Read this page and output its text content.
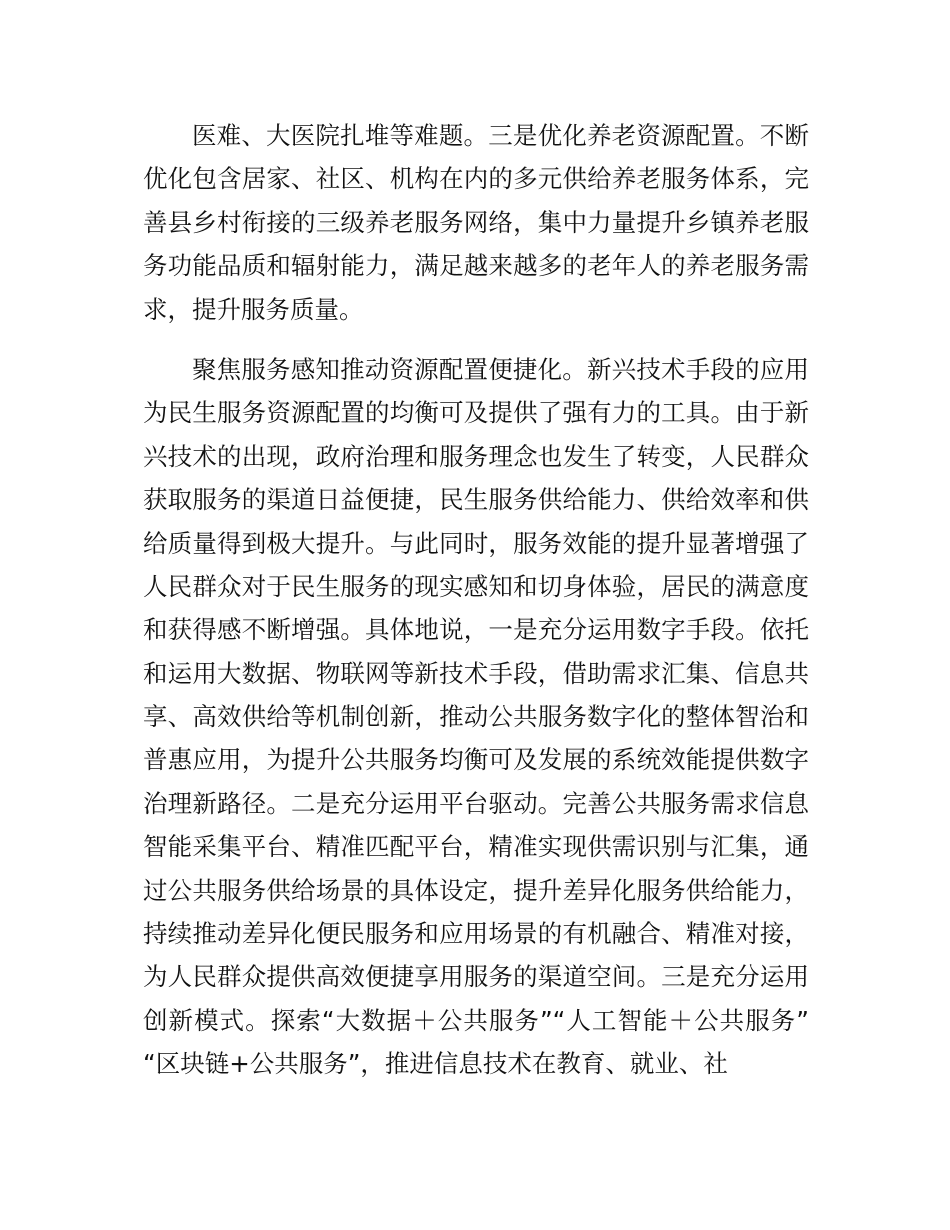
医难、大医院扎堆等难题。三是优化养老资源配置。不断
优化包含居家、社区、机构在内的多元供给养老服务体系，完
善县乡村衔接的三级养老服务网络，集中力量提升乡镇养老服
务功能品质和辐射能力，满足越来越多的老年人的养老服务需
求，提升服务质量。
聚焦服务感知推动资源配置便捷化。新兴技术手段的应用
为民生服务资源配置的均衡可及提供了强有力的工具。由于新
兴技术的出现，政府治理和服务理念也发生了转变，人民群众
获取服务的渠道日益便捷，民生服务供给能力、供给效率和供
给质量得到极大提升。与此同时，服务效能的提升显著增强了
人民群众对于民生服务的现实感知和切身体验，居民的满意度
和获得感不断增强。具体地说，一是充分运用数字手段。依托
和运用大数据、物联网等新技术手段，借助需求汇集、信息共
享、高效供给等机制创新，推动公共服务数字化的整体智治和
普惠应用，为提升公共服务均衡可及发展的系统效能提供数字
治理新路径。二是充分运用平台驱动。完善公共服务需求信息
智能采集平台、精准匹配平台，精准实现供需识别与汇集，通
过公共服务供给场景的具体设定，提升差异化服务供给能力，
持续推动差异化便民服务和应用场景的有机融合、精准对接，
为人民群众提供高效便捷享用服务的渠道空间。三是充分运用
创新模式。探索“大数据＋公共服务”“人工智能＋公共服务”
“区块链+公共服务”，推进信息技术在教育、就业、社
